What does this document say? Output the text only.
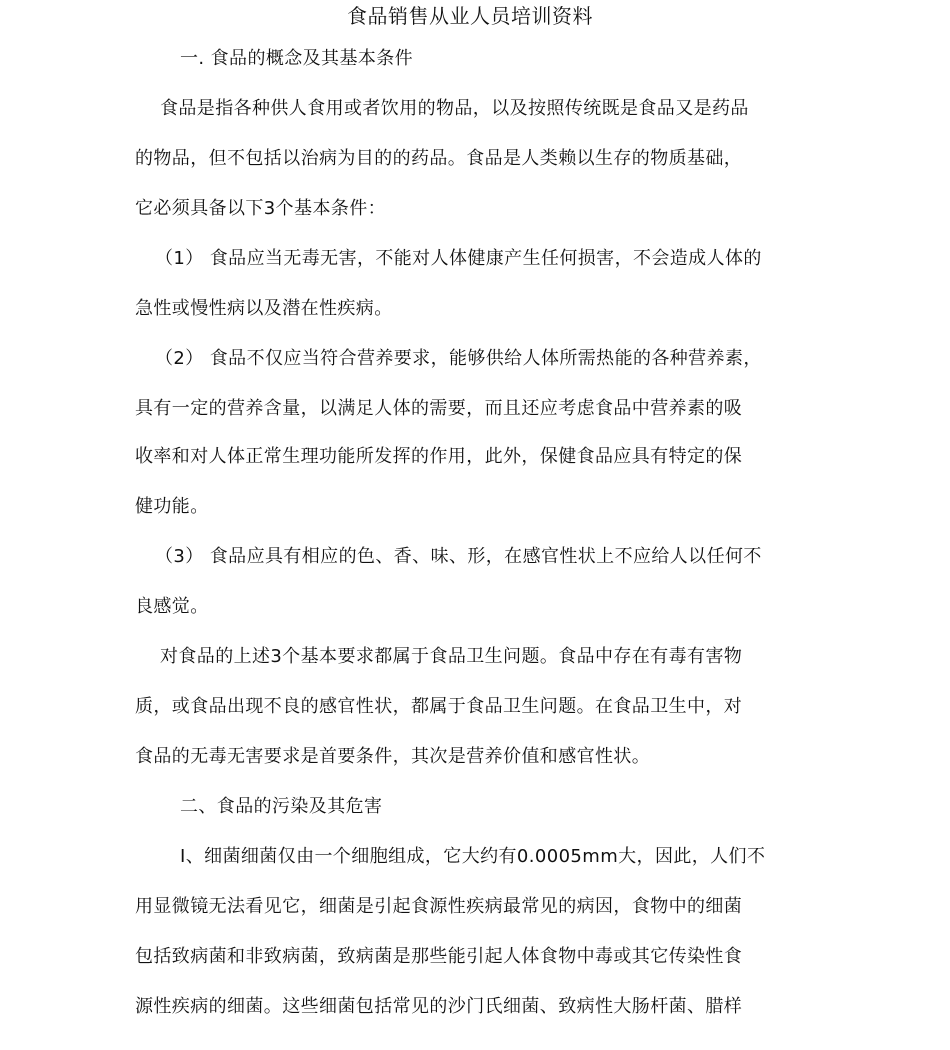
食品销售从业人员培训资料
一. 食品的概念及其基本条件
食品是指各种供人食用或者饮用的物品，以及按照传统既是食品又是药品
的物品，但不包括以治病为目的的药品。食品是人类赖以生存的物质基础，
它必须具备以下3个基本条件：
（1） 食品应当无毒无害，不能对人体健康产生任何损害，不会造成人体的
急性或慢性病以及潜在性疾病。
（2） 食品不仅应当符合营养要求，能够供给人体所需热能的各种营养素，
具有一定的营养含量，以满足人体的需要，而且还应考虑食品中营养素的吸
收率和对人体正常生理功能所发挥的作用，此外，保健食品应具有特定的保
健功能。
（3） 食品应具有相应的色、香、味、形，在感官性状上不应给人以任何不
良感觉。
对食品的上述3个基本要求都属于食品卫生问题。食品中存在有毒有害物
质，或食品出现不良的感官性状，都属于食品卫生问题。在食品卫生中，对
食品的无毒无害要求是首要条件，其次是营养价值和感官性状。
二、食品的污染及其危害
I、细菌细菌仅由一个细胞组成，它大约有0.0005mm大，因此，人们不
用显微镜无法看见它，细菌是引起食源性疾病最常见的病因，食物中的细菌
包括致病菌和非致病菌，致病菌是那些能引起人体食物中毒或其它传染性食
源性疾病的细菌。这些细菌包括常见的沙门氏细菌、致病性大肠杆菌、腊样
